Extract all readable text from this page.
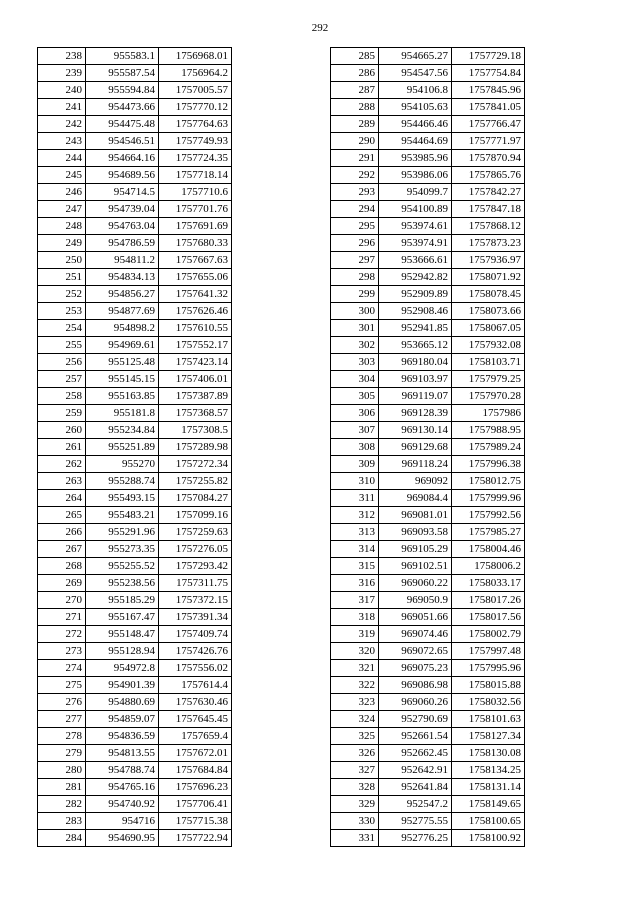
292
238	955583.1	1756968.01
239	955587.54	1756964.2
240	955594.84	1757005.57
241	954473.66	1757770.12
242	954475.48	1757764.63
243	954546.51	1757749.93
244	954664.16	1757724.35
245	954689.56	1757718.14
246	954714.5	1757710.6
247	954739.04	1757701.76
248	954763.04	1757691.69
249	954786.59	1757680.33
250	954811.2	1757667.63
251	954834.13	1757655.06
252	954856.27	1757641.32
253	954877.69	1757626.46
254	954898.2	1757610.55
255	954969.61	1757552.17
256	955125.48	1757423.14
257	955145.15	1757406.01
258	955163.85	1757387.89
259	955181.8	1757368.57
260	955234.84	1757308.5
261	955251.89	1757289.98
262	955270	1757272.34
263	955288.74	1757255.82
264	955493.15	1757084.27
265	955483.21	1757099.16
266	955291.96	1757259.63
267	955273.35	1757276.05
268	955255.52	1757293.42
269	955238.56	1757311.75
270	955185.29	1757372.15
271	955167.47	1757391.34
272	955148.47	1757409.74
273	955128.94	1757426.76
274	954972.8	1757556.02
275	954901.39	1757614.4
276	954880.69	1757630.46
277	954859.07	1757645.45
278	954836.59	1757659.4
279	954813.55	1757672.01
280	954788.74	1757684.84
281	954765.16	1757696.23
282	954740.92	1757706.41
283	954716	1757715.38
284	954690.95	1757722.94
285	954665.27	1757729.18
286	954547.56	1757754.84
287	954106.8	1757845.96
288	954105.63	1757841.05
289	954466.46	1757766.47
290	954464.69	1757771.97
291	953985.96	1757870.94
292	953986.06	1757865.76
293	954099.7	1757842.27
294	954100.89	1757847.18
295	953974.61	1757868.12
296	953974.91	1757873.23
297	953666.61	1757936.97
298	952942.82	1758071.92
299	952909.89	1758078.45
300	952908.46	1758073.66
301	952941.85	1758067.05
302	953665.12	1757932.08
303	969180.04	1758103.71
304	969103.97	1757979.25
305	969119.07	1757970.28
306	969128.39	1757986
307	969130.14	1757988.95
308	969129.68	1757989.24
309	969118.24	1757996.38
310	969092	1758012.75
311	969084.4	1757999.96
312	969081.01	1757992.56
313	969093.58	1757985.27
314	969105.29	1758004.46
315	969102.51	1758006.2
316	969060.22	1758033.17
317	969050.9	1758017.26
318	969051.66	1758017.56
319	969074.46	1758002.79
320	969072.65	1757997.48
321	969075.23	1757995.96
322	969086.98	1758015.88
323	969060.26	1758032.56
324	952790.69	1758101.63
325	952661.54	1758127.34
326	952662.45	1758130.08
327	952642.91	1758134.25
328	952641.84	1758131.14
329	952547.2	1758149.65
330	952775.55	1758100.65
331	952776.25	1758100.92
